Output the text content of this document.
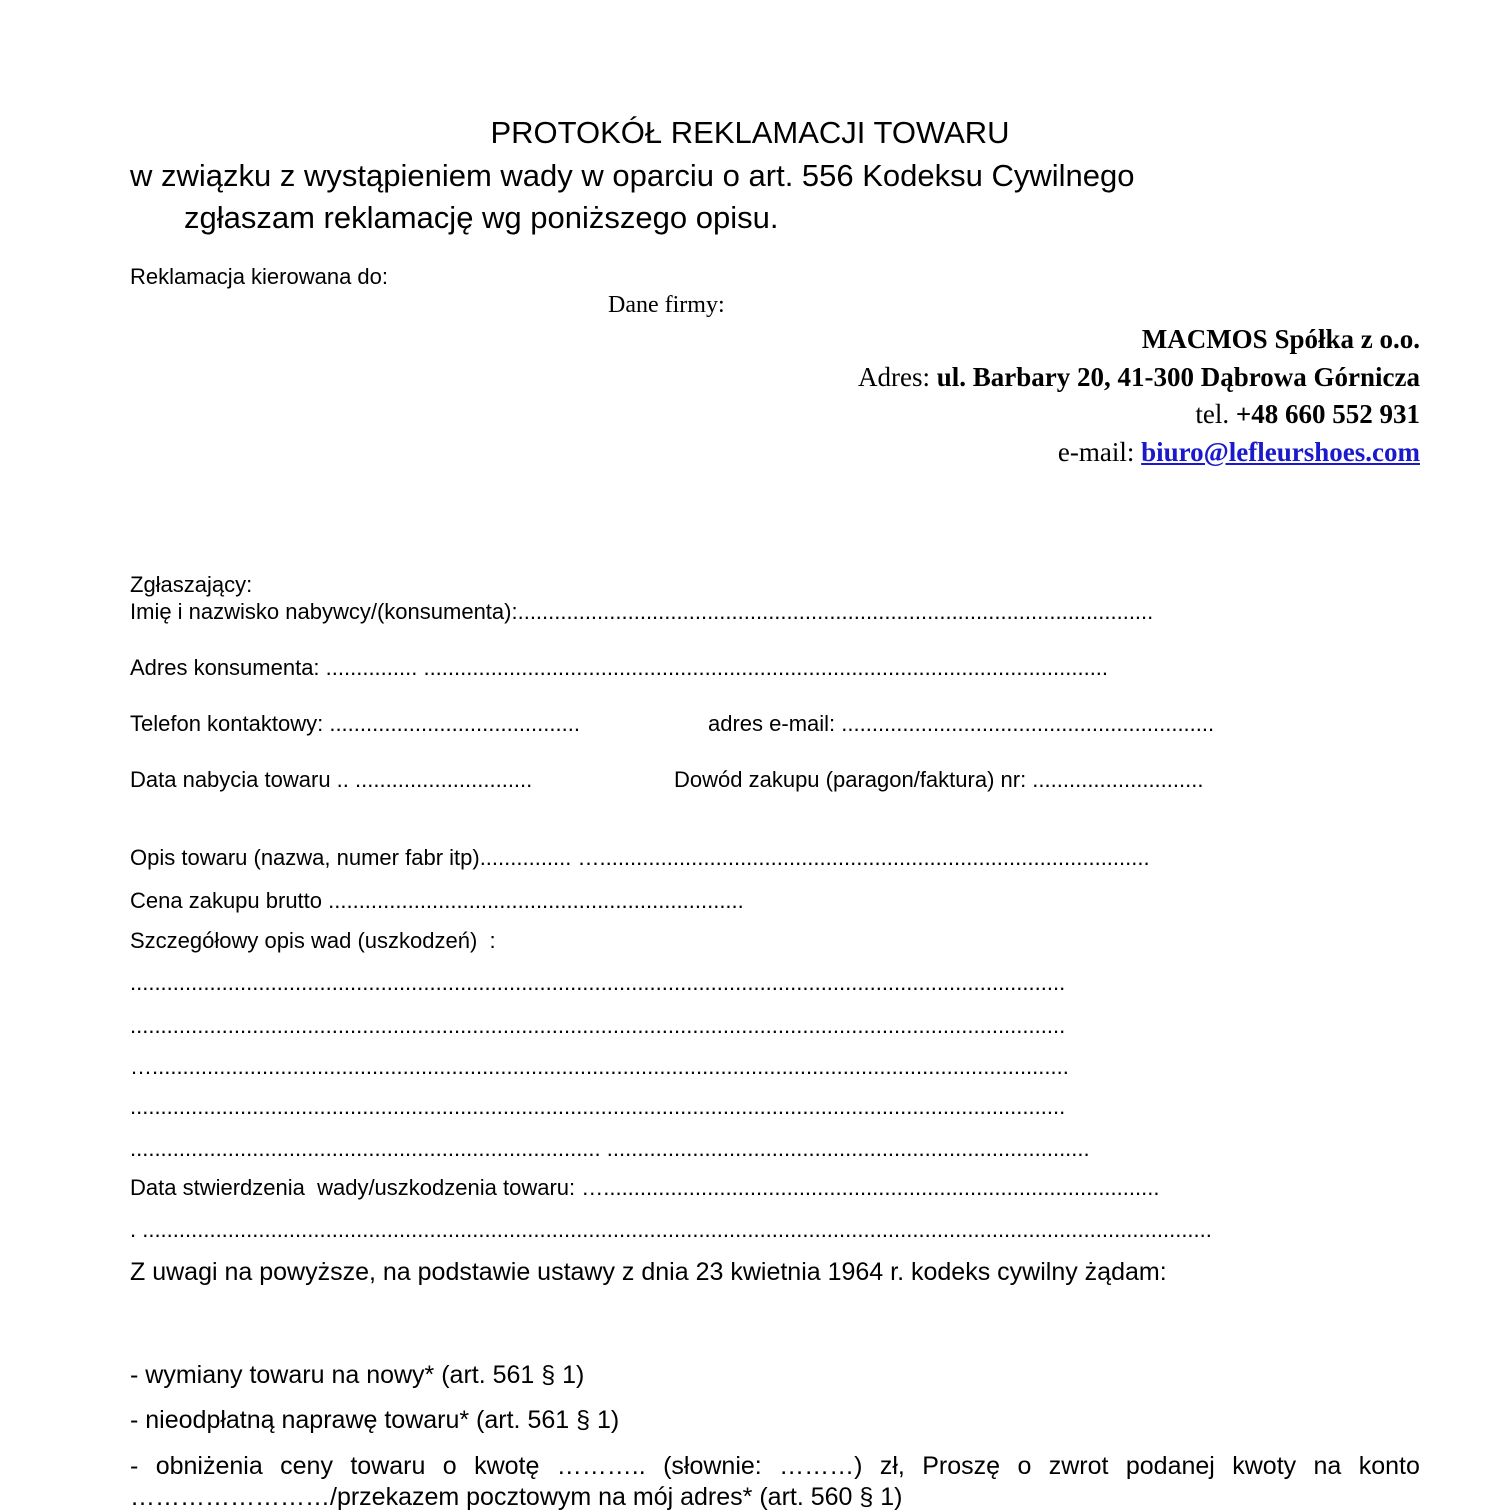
PROTOKÓŁ REKLAMACJI TOWARU
w związku z wystąpieniem wady w oparciu o art. 556 Kodeksu Cywilnego
zgłaszam reklamację wg poniższego opisu.
Reklamacja kierowana do:
Dane firmy:
MACMOS Spółka z o.o.
Adres: ul. Barbary 20, 41-300 Dąbrowa Górnicza
tel. +48 660 552 931
e-mail: biuro@lefleurshoes.com
Zgłaszający:
Imię i nazwisko nabywcy/(konsumenta):........................................................................................................
Adres konsumenta: ............... ................................................................................................................
Telefon kontaktowy: .........................................	adres e-mail: .............................................................
Data nabycia towaru .. .............................	Dowód zakupu (paragon/faktura) nr: ............................
Opis towaru (nazwa, numer fabr itp)............... …..........................................................................................
Cena zakupu brutto ....................................................................
Szczegółowy opis wad (uszkodzeń)  :
.........................................................................................................................................................
.........................................................................................................................................................
…......................................................................................................................................................
.........................................................................................................................................................
............................................................................. ...............................................................................
Data stwierdzenia  wady/uszkodzenia towaru: …...........................................................................................
. ...............................................................................................................................................................................
Z uwagi na powyższe, na podstawie ustawy z dnia 23 kwietnia 1964 r. kodeks cywilny żądam:
- wymiany towaru na nowy* (art. 561 § 1)
- nieodpłatną naprawę towaru* (art. 561 § 1)
- obniżenia ceny towaru o kwotę ……….. (słownie: ………) zł, Proszę o zwrot podanej kwoty na konto
……………………/przekazem pocztowym na mój adres* (art. 560 § 1)
